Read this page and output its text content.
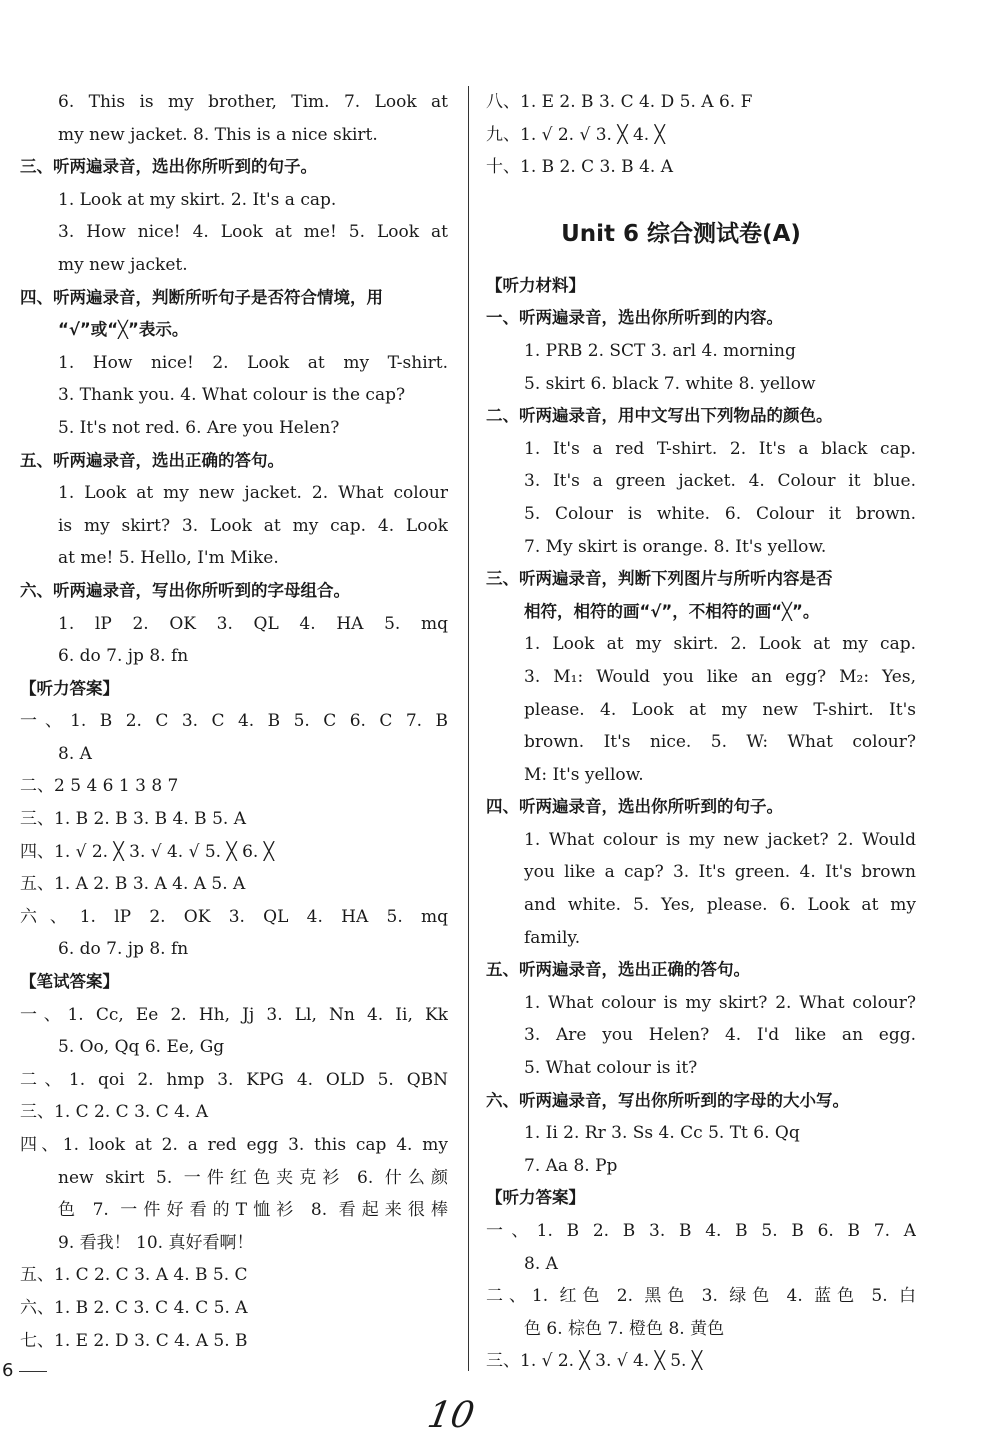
6. This is my brother, Tim. 7. Look at
my new jacket. 8. This is a nice skirt.
三、听两遍录音，选出你所听到的句子。
1. Look at my skirt. 2. It's a cap.
3. How nice! 4. Look at me! 5. Look at
my new jacket.
四、听两遍录音，判断所听句子是否符合情境，用
“√”或“╳”表示。
1. How nice! 2. Look at my T-shirt.
3. Thank you. 4. What colour is the cap?
5. It's not red. 6. Are you Helen?
五、听两遍录音，选出正确的答句。
1. Look at my new jacket. 2. What colour
is my skirt? 3. Look at my cap. 4. Look
at me! 5. Hello, I'm Mike.
六、听两遍录音，写出你所听到的字母组合。
1. lP 2. OK 3. QL 4. HA 5. mq
6. do 7. jp 8. fn
【听力答案】
一、1. B 2. C 3. C 4. B 5. C 6. C 7. B
8. A
二、2 5 4 6 1 3 8 7
三、1. B 2. B 3. B 4. B 5. A
四、1. √ 2. ╳ 3. √ 4. √ 5. ╳ 6. ╳
五、1. A 2. B 3. A 4. A 5. A
六、1. lP 2. OK 3. QL 4. HA 5. mq
6. do 7. jp 8. fn
【笔试答案】
一、1. Cc, Ee 2. Hh, Jj 3. Ll, Nn 4. Ii, Kk
5. Oo, Qq 6. Ee, Gg
二、1. qoi 2. hmp 3. KPG 4. OLD 5. QBN
三、1. C 2. C 3. C 4. A
四、1. look at 2. a red egg 3. this cap 4. my
new skirt 5. 一件红色夹克衫 6. 什么颜
色 7. 一件好看的T恤衫 8. 看起来很棒
9. 看我！ 10. 真好看啊！
五、1. C 2. C 3. A 4. B 5. C
六、1. B 2. C 3. C 4. C 5. A
七、1. E 2. D 3. C 4. A 5. B
八、1. E 2. B 3. C 4. D 5. A 6. F
九、1. √ 2. √ 3. ╳ 4. ╳
十、1. B 2. C 3. B 4. A
Unit 6 综合测试卷(A)
【听力材料】
一、听两遍录音，选出你所听到的内容。
1. PRB 2. SCT 3. arl 4. morning
5. skirt 6. black 7. white 8. yellow
二、听两遍录音，用中文写出下列物品的颜色。
1. It's a red T-shirt. 2. It's a black cap.
3. It's a green jacket. 4. Colour it blue.
5. Colour is white. 6. Colour it brown.
7. My skirt is orange. 8. It's yellow.
三、听两遍录音，判断下列图片与所听内容是否
相符，相符的画“√”，不相符的画“╳”。
1. Look at my skirt. 2. Look at my cap.
3. M₁: Would you like an egg? M₂: Yes,
please. 4. Look at my new T-shirt. It's
brown. It's nice. 5. W: What colour?
M: It's yellow.
四、听两遍录音，选出你所听到的句子。
1. What colour is my new jacket? 2. Would
you like a cap? 3. It's green. 4. It's brown
and white. 5. Yes, please. 6. Look at my
family.
五、听两遍录音，选出正确的答句。
1. What colour is my skirt? 2. What colour?
3. Are you Helen? 4. I'd like an egg.
5. What colour is it?
六、听两遍录音，写出你所听到的字母的大小写。
1. Ii 2. Rr 3. Ss 4. Cc 5. Tt 6. Qq
7. Aa 8. Pp
【听力答案】
一、1. B 2. B 3. B 4. B 5. B 6. B 7. A
8. A
二、1. 红色 2. 黑色 3. 绿色 4. 蓝色 5. 白
色 6. 棕色 7. 橙色 8. 黄色
三、1. √ 2. ╳ 3. √ 4. ╳ 5. ╳
6
10
